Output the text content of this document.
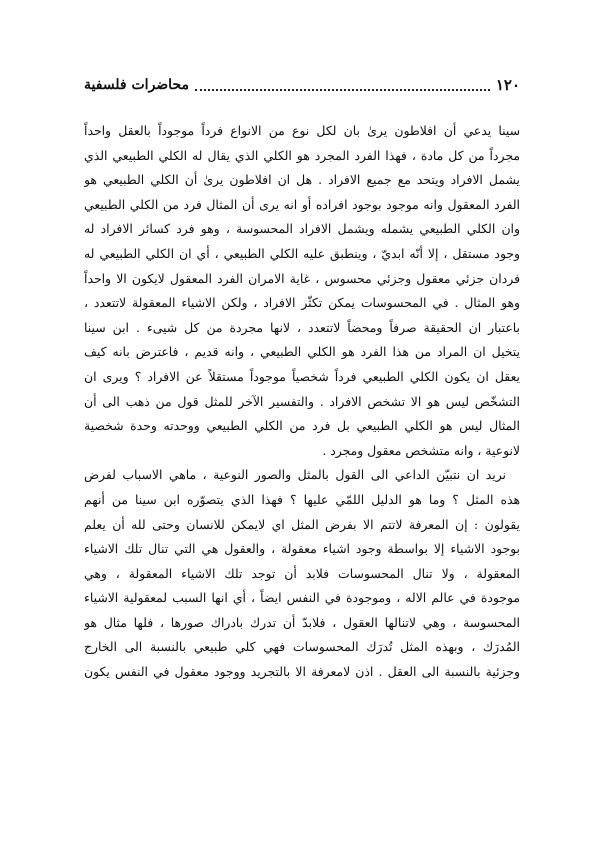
١٢٠
محاضرات فلسفية
سينا يدعي أن افلاطون يرىٰ بان لكل نوع من الانواع فرداً موجوداً بالعقل واحداً
مجرداً من كل مادة ، فهذا الفرد المجرد هو الكلي الذي يقال له الكلي الطبيعي الذي
يشمل الافراد ويتحد مع جميع الافراد . هل ان افلاطون يرىٰ أن الكلي الطبيعي هو
الفرد المعقول وانه موجود بوجود افراده أو انه يرى أن المثال فرد من الكلي الطبيعي
وان الكلي الطبيعي يشمله ويشمل الافراد المحسوسة ، وهو فرد كسائر الافراد له
وجود مستقل ، إلا أنّه ابديّ ، وينطبق عليه الكلي الطبيعي ، أي ان الكلي الطبيعي له
فردان جزئي معقول وجزئي محسوس ، غاية الامران الفرد المعقول لايكون الا واحداً
وهو المثال . في المحسوسات يمكن تكثّر الافراد ، ولكن الاشياء المعقولة لاتتعدد ،
باعتبار ان الحقيقة صرفاً ومحضاً لاتتعدد ، لانها مجردة من كل شيىء . ابن سينا
يتخيل ان المراد من هذا الفرد هو الكلي الطبيعي ، وانه قديم ، فاعترض بانه كيف
يعقل ان يكون الكلي الطبيعي فرداً شخصياً موجوداً مستقلاً عن الافراد ؟ ويرى ان
التشخّص ليس هو الا تشخص الافراد . والتفسير الآخر للمثل قول من ذهب الى أن
المثال ليس هو الكلي الطبيعي بل فرد من الكلي الطبيعي ووحدته وحدة شخصية
لانوعية ، وانه متشخص معقول ومجرد .
نريد ان نتبيّن الداعي الى القول بالمثل والصور النوعية ، ماهي الاسباب لفرض
هذه المثل ؟ وما هو الدليل اللمّي عليها ؟ فهذا الذي يتصوّره ابن سينا من أنهم
يقولون : إن المعرفة لاتتم الا بفرض المثل اي لايمكن للانسان وحتى لله أن يعلم
بوجود الاشياء إلا بواسطة وجود اشياء معقولة ، والعقول هي التي تنال تلك الاشياء
المعقولة ، ولا تنال المحسوسات فلابد أن توجد تلك الاشياء المعقولة ، وهي
موجودة في عالم الاله ، وموجودة في النفس ايضاً ، أي انها السبب لمعقولية الاشياء
المحسوسة ، وهي لاتنالها العقول ، فلابدّ أن تدرك بادراك صورها ، فلها مثال هو
المُدرَك ، وبهذه المثل تُدرَك المحسوسات فهي كلي طبيعي بالنسبة الى الخارج
وجزئية بالنسبة الى العقل . اذن لامعرفة الا بالتجريد ووجود معقول في النفس يكون
